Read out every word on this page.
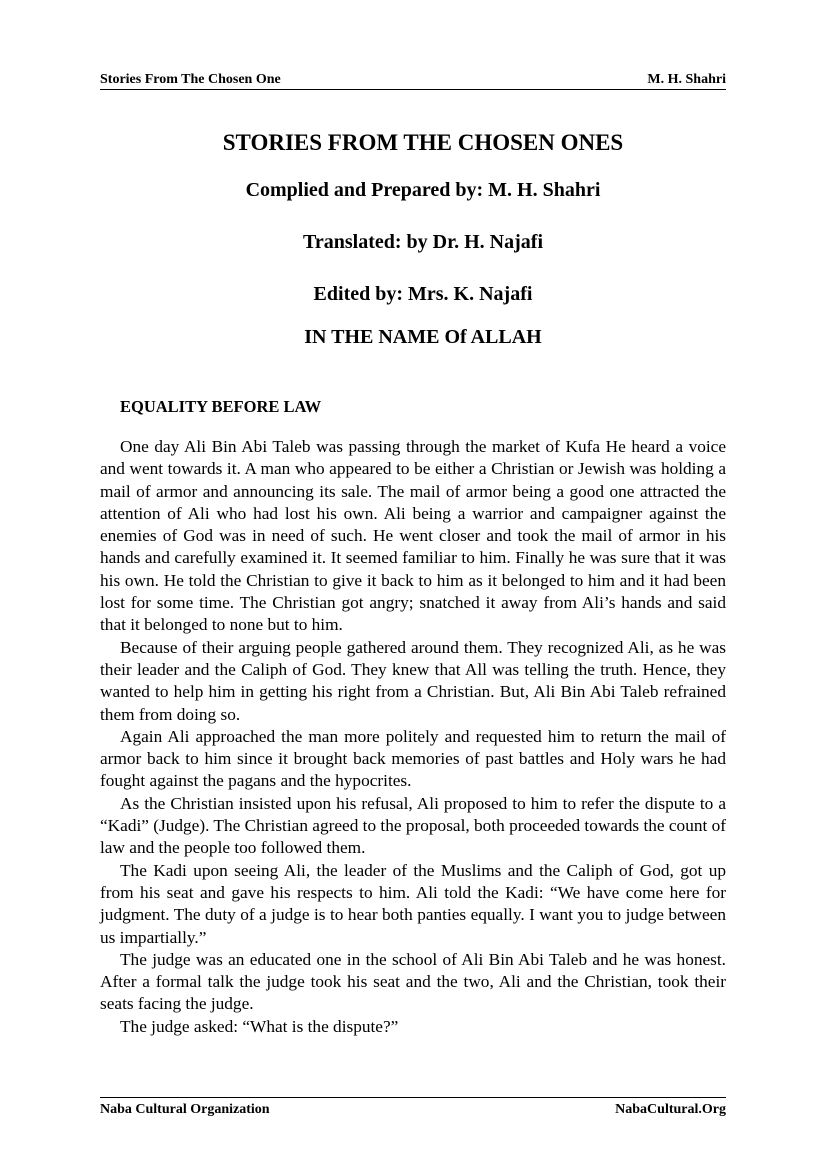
Stories From The Chosen One	M. H. Shahri
STORIES FROM THE CHOSEN ONES
Complied and Prepared by: M. H. Shahri
Translated: by Dr. H. Najafi
Edited by: Mrs. K. Najafi
IN THE NAME Of ALLAH
EQUALITY BEFORE LAW

One day Ali Bin Abi Taleb was passing through the market of Kufa He heard a voice and went towards it. A man who appeared to be either a Christian or Jewish was holding a mail of armor and announcing its sale. The mail of armor being a good one attracted the attention of Ali who had lost his own. Ali being a warrior and campaigner against the enemies of God was in need of such. He went closer and took the mail of armor in his hands and carefully examined it. It seemed familiar to him. Finally he was sure that it was his own. He told the Christian to give it back to him as it belonged to him and it had been lost for some time. The Christian got angry; snatched it away from Ali’s hands and said that it belonged to none but to him.

Because of their arguing people gathered around them. They recognized Ali, as he was their leader and the Caliph of God. They knew that All was telling the truth. Hence, they wanted to help him in getting his right from a Christian. But, Ali Bin Abi Taleb refrained them from doing so.

Again Ali approached the man more politely and requested him to return the mail of armor back to him since it brought back memories of past battles and Holy wars he had fought against the pagans and the hypocrites.

As the Christian insisted upon his refusal, Ali proposed to him to refer the dispute to a “Kadi” (Judge). The Christian agreed to the proposal, both proceeded towards the count of law and the people too followed them.

The Kadi upon seeing Ali, the leader of the Muslims and the Caliph of God, got up from his seat and gave his respects to him. Ali told the Kadi: “We have come here for judgment. The duty of a judge is to hear both panties equally. I want you to judge between us impartially.”

The judge was an educated one in the school of Ali Bin Abi Taleb and he was honest. After a formal talk the judge took his seat and the two, Ali and the Christian, took their seats facing the judge.

The judge asked: “What is the dispute?”

Naba Cultural Organization	NabaCultural.Org
